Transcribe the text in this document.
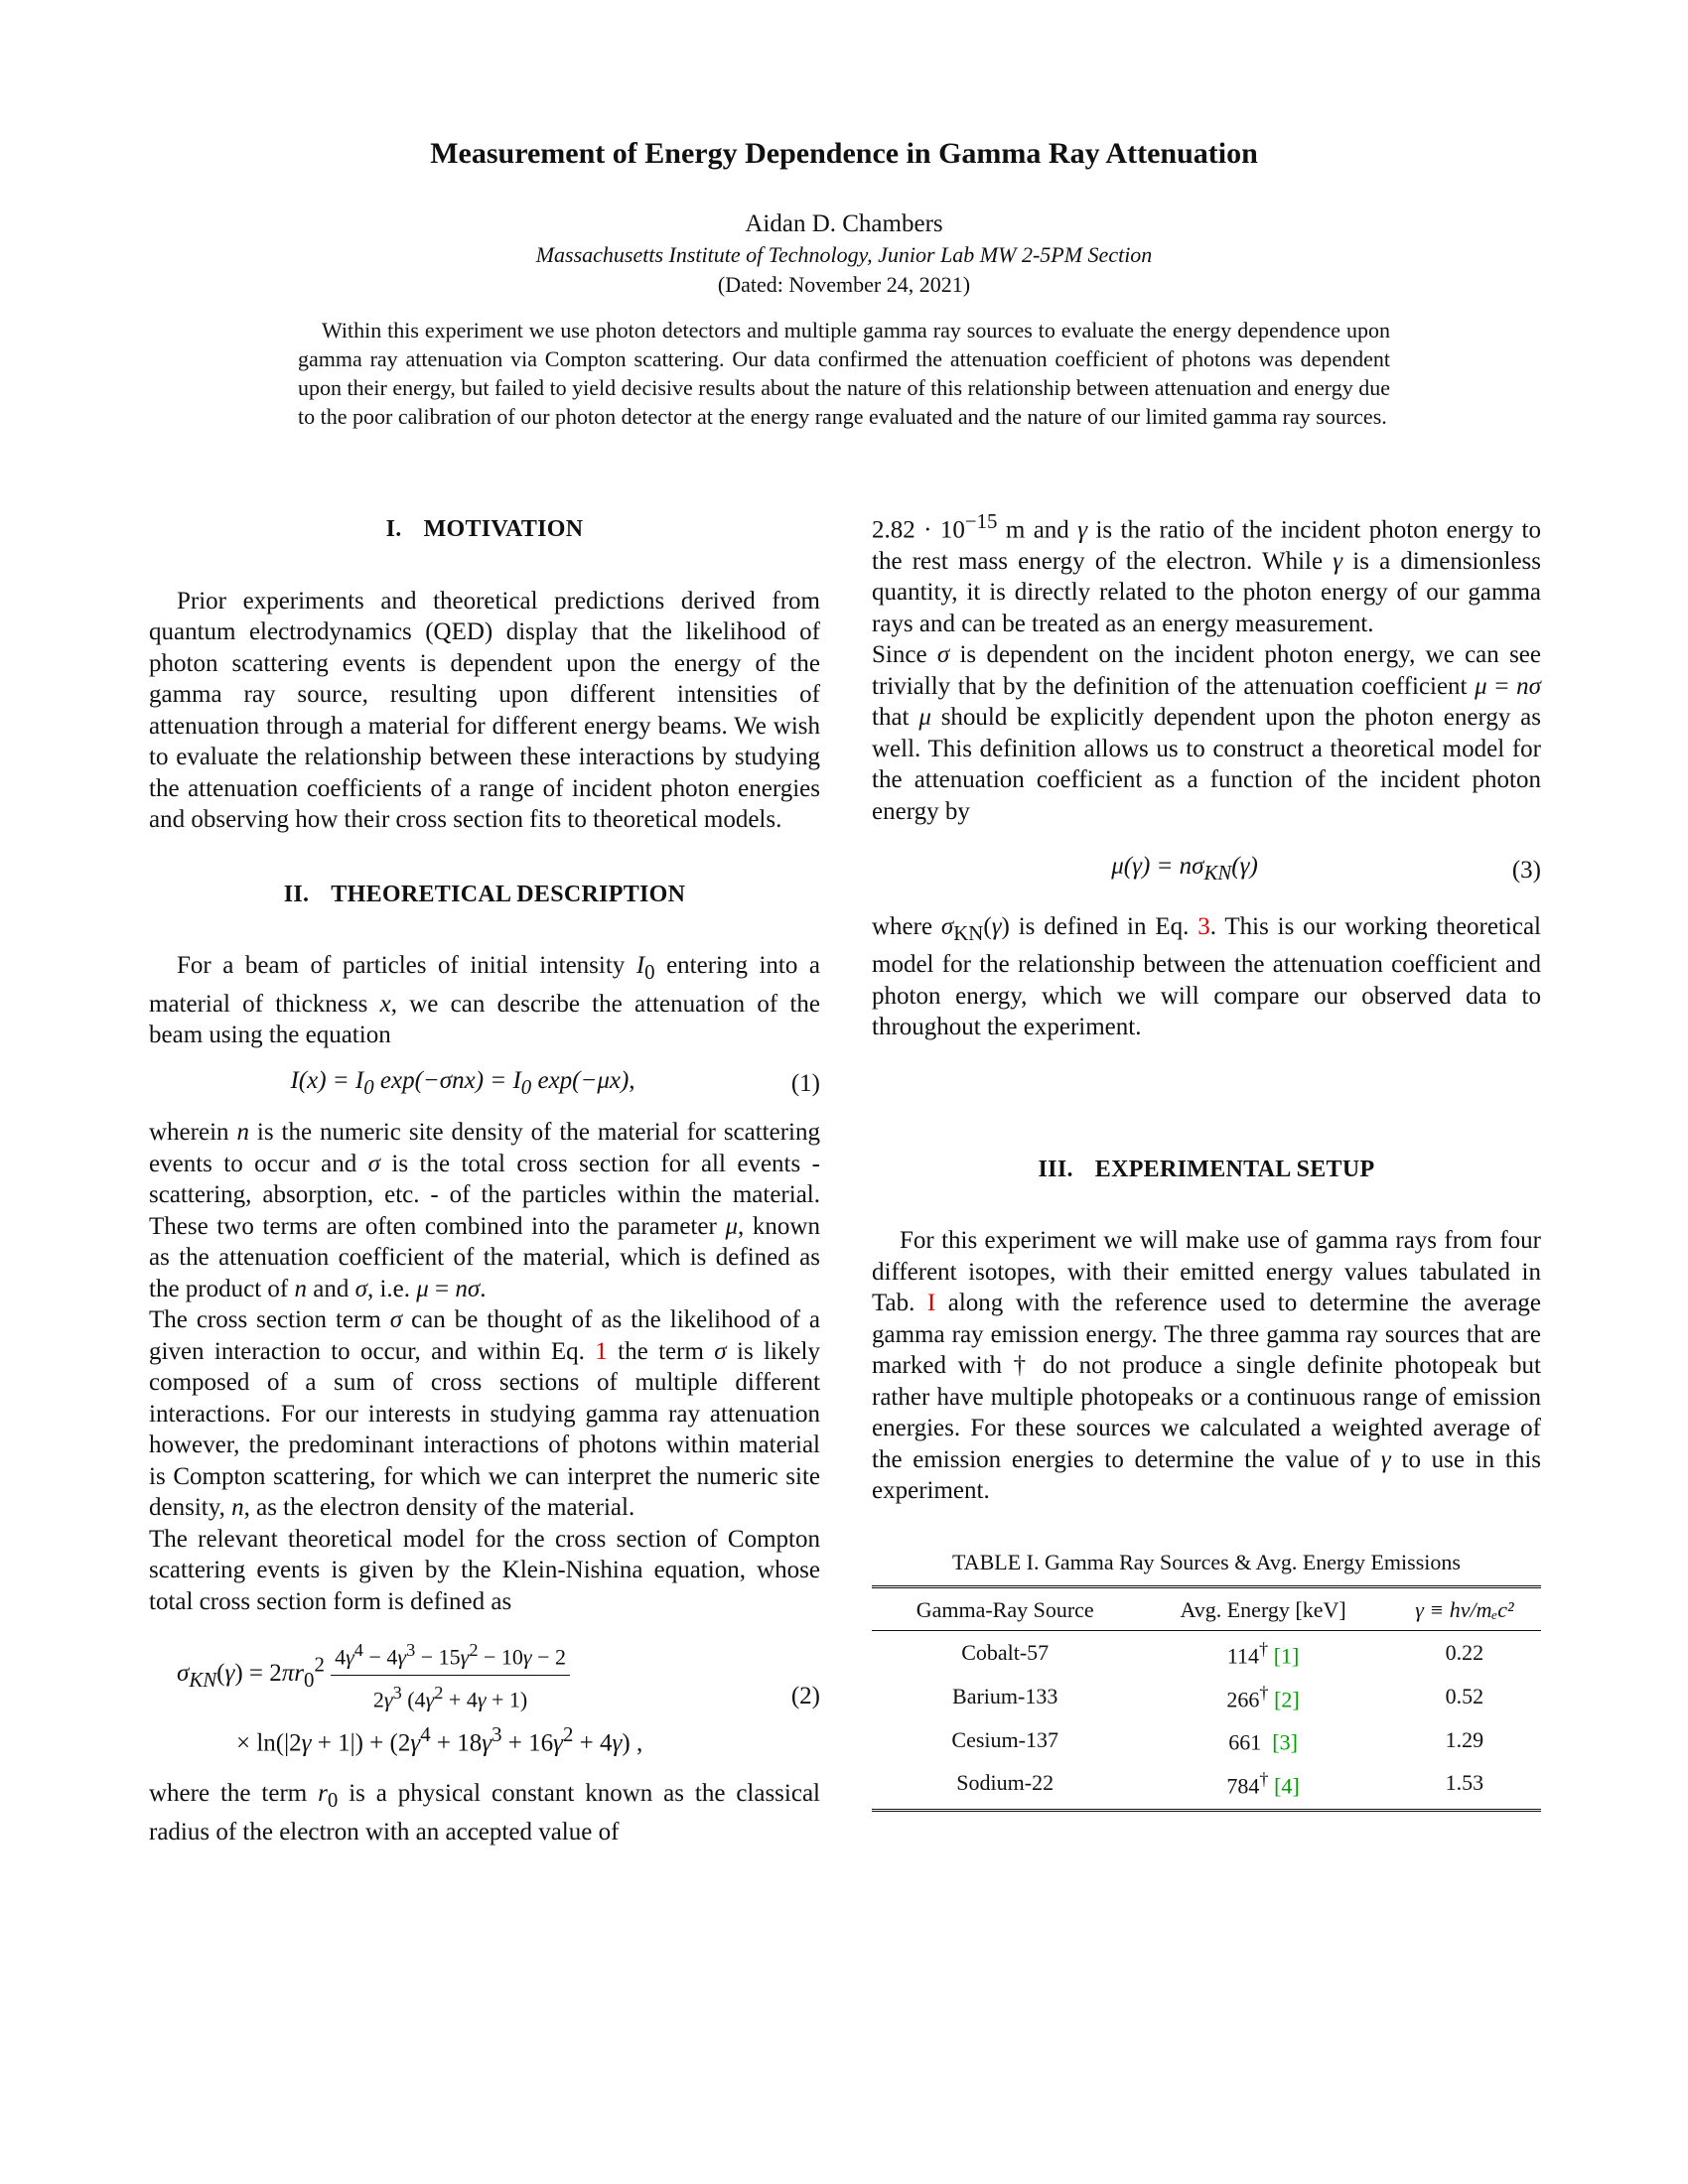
Measurement of Energy Dependence in Gamma Ray Attenuation
Aidan D. Chambers
Massachusetts Institute of Technology, Junior Lab MW 2-5PM Section
(Dated: November 24, 2021)
Within this experiment we use photon detectors and multiple gamma ray sources to evaluate the energy dependence upon gamma ray attenuation via Compton scattering. Our data confirmed the attenuation coefficient of photons was dependent upon their energy, but failed to yield decisive results about the nature of this relationship between attenuation and energy due to the poor calibration of our photon detector at the energy range evaluated and the nature of our limited gamma ray sources.
I. MOTIVATION

Prior experiments and theoretical predictions derived from quantum electrodynamics (QED) display that the likelihood of photon scattering events is dependent upon the energy of the gamma ray source, resulting upon different intensities of attenuation through a material for different energy beams. We wish to evaluate the relationship between these interactions by studying the attenuation coefficients of a range of incident photon energies and observing how their cross section fits to theoretical models.

II. THEORETICAL DESCRIPTION

For a beam of particles of initial intensity $I_0$ entering into a material of thickness x, we can describe the attenuation of the beam using the equation

$I(x) = I_0$ $\exp(-\sigma nx) = I_0$ exp(−μx),	(1)

wherein n is the numeric site density of the material for scattering events to occur and σ is the total cross section for all events - scattering, absorption, etc. - of the particles within the material. These two terms are often combined into the parameter μ, known as the attenuation coefficient of the material, which is defined as the product of n and σ, i.e. μ = nσ.

The cross section term σ can be thought of as the likelihood of a given interaction to occur, and within Eq. 1 the term σ is likely composed of a sum of cross sections of multiple different interactions. For our interests in studying gamma ray attenuation however, the predominant interactions of photons within material is Compton scattering, for which we can interpret the numeric site density, n, as the electron density of the material.

The relevant theoretical model for the cross section of Compton scattering events is given by the Klein-Nishina equation, whose total cross section form is defined as

$\sigma_{KN}(\gamma) = 2\pi r_0^2 \frac{4\gamma^4 - 4\gamma^3 - 15\gamma^2 - 10\gamma - 2}{2\gamma^3 (4\gamma^2 + 4\gamma + 1)}$
× $\ln(|2\gamma + 1|) + (2\gamma^4 + 18\gamma^3 + 16\gamma^2 + 4\gamma)$ ,
(2)

where the term $r_0$ is a physical constant known as the classical radius of the electron with an accepted value of

$2.82 \cdot 10^{-15}$ m and γ is the ratio of the incident photon energy to the rest mass energy of the electron. While γ is a dimensionless quantity, it is directly related to the photon energy of our gamma rays and can be treated as an energy measurement.

Since σ is dependent on the incident photon energy, we can see trivially that by the definition of the attenuation coefficient μ = nσ that μ should be explicitly dependent upon the photon energy as well. This definition allows us to construct a theoretical model for the attenuation coefficient as a function of the incident photon energy by

$\mu(\gamma) = n\sigma_{KN}(\gamma)$	(3)

where $\sigma_{KN}(\gamma)$ is defined in Eq. 3. This is our working theoretical model for the relationship between the attenuation coefficient and photon energy, which we will compare our observed data to throughout the experiment.

III. EXPERIMENTAL SETUP

For this experiment we will make use of gamma rays from four different isotopes, with their emitted energy values tabulated in Tab. I along with the reference used to determine the average gamma ray emission energy. The three gamma ray sources that are marked with † do not produce a single definite photopeak but rather have multiple photopeaks or a continuous range of emission energies. For these sources we calculated a weighted average of the emission energies to determine the value of γ to use in this experiment.

TABLE I. Gamma Ray Sources & Avg. Energy Emissions
Gamma-Ray Source	Avg. Energy [keV]	γ ≡ hν/mₑc²
Cobalt-57	114† [1]	0.22
Barium-133	266† [2]	0.52
Cesium-137	661 [3]	1.29
Sodium-22	784† [4]	1.53
